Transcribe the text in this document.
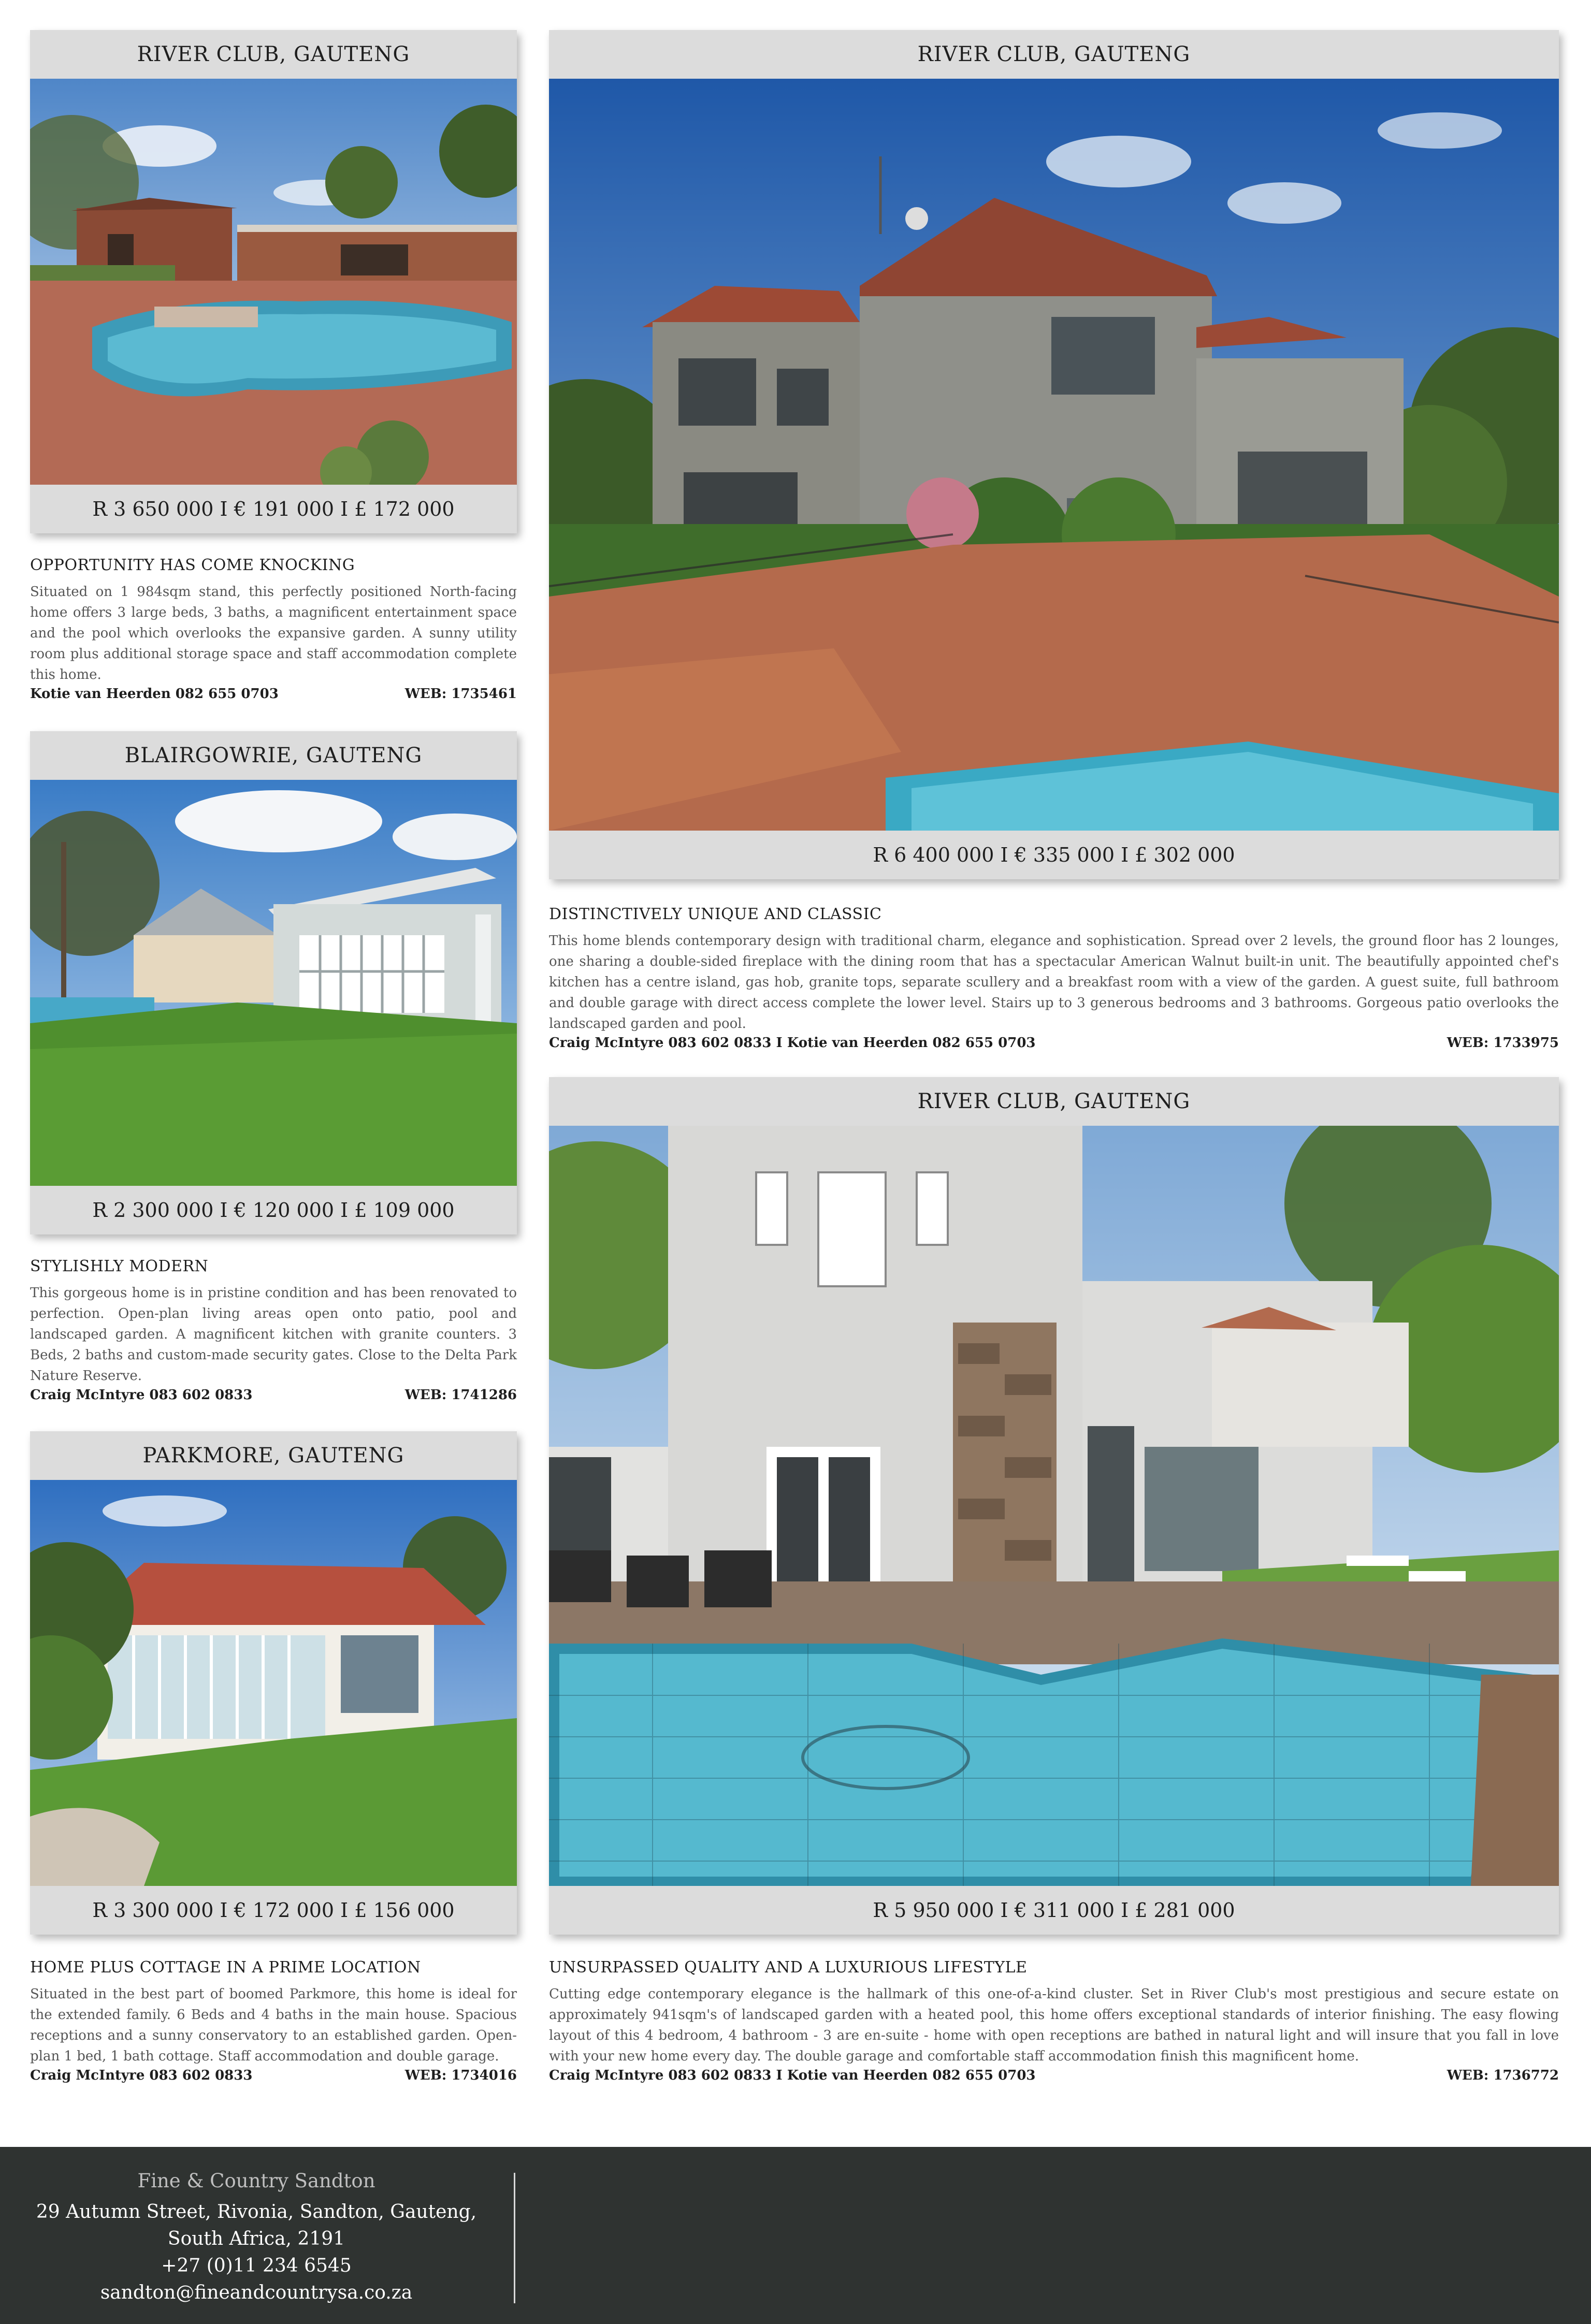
RIVER CLUB, GAUTENG
R 3 650 000 I € 191 000 I £ 172 000
OPPORTUNITY HAS COME KNOCKING
Situated on 1 984sqm stand, this perfectly positioned North-facing home offers 3 large beds, 3 baths, a magnificent entertainment space and the pool which overlooks the expansive garden. A sunny utility room plus additional storage space and staff accommodation complete this home.
Kotie van Heerden 082 655 0703	WEB: 1735461
BLAIRGOWRIE, GAUTENG
R 2 300 000 I € 120 000 I £ 109 000
STYLISHLY MODERN
This gorgeous home is in pristine condition and has been renovated to perfection. Open-plan living areas open onto patio, pool and landscaped garden. A magnificent kitchen with granite counters. 3 Beds, 2 baths and custom-made security gates. Close to the Delta Park Nature Reserve.
Craig McIntyre 083 602 0833	WEB: 1741286
PARKMORE, GAUTENG
R 3 300 000 I € 172 000 I £ 156 000
HOME PLUS COTTAGE IN A PRIME LOCATION
Situated in the best part of boomed Parkmore, this home is ideal for the extended family. 6 Beds and 4 baths in the main house. Spacious receptions and a sunny conservatory to an established garden. Open-plan 1 bed, 1 bath cottage. Staff accommodation and double garage.
Craig McIntyre 083 602 0833	WEB: 1734016
RIVER CLUB, GAUTENG
R 6 400 000 I € 335 000 I £ 302 000
DISTINCTIVELY UNIQUE AND CLASSIC
This home blends contemporary design with traditional charm, elegance and sophistication. Spread over 2 levels, the ground floor has 2 lounges, one sharing a double-sided fireplace with the dining room that has a spectacular American Walnut built-in unit. The beautifully appointed chef's kitchen has a centre island, gas hob, granite tops, separate scullery and a breakfast room with a view of the garden. A guest suite, full bathroom and double garage with direct access complete the lower level. Stairs up to 3 generous bedrooms and 3 bathrooms. Gorgeous patio overlooks the landscaped garden and pool.
Craig McIntyre 083 602 0833 I Kotie van Heerden 082 655 0703	WEB: 1733975
RIVER CLUB, GAUTENG
R 5 950 000 I € 311 000 I £ 281 000
UNSURPASSED QUALITY AND A LUXURIOUS LIFESTYLE
Cutting edge contemporary elegance is the hallmark of this one-of-a-kind cluster. Set in River Club's most prestigious and secure estate on approximately 941sqm's of landscaped garden with a heated pool, this home offers exceptional standards of interior finishing. The easy flowing layout of this 4 bedroom, 4 bathroom - 3 are en-suite - home with open receptions are bathed in natural light and will insure that you fall in love with your new home every day. The double garage and comfortable staff accommodation finish this magnificent home.
Craig McIntyre 083 602 0833 I Kotie van Heerden 082 655 0703	WEB: 1736772
Fine & Country Sandton
29 Autumn Street, Rivonia, Sandton, Gauteng,
South Africa, 2191
+27 (0)11 234 6545
sandton@fineandcountrysa.co.za
